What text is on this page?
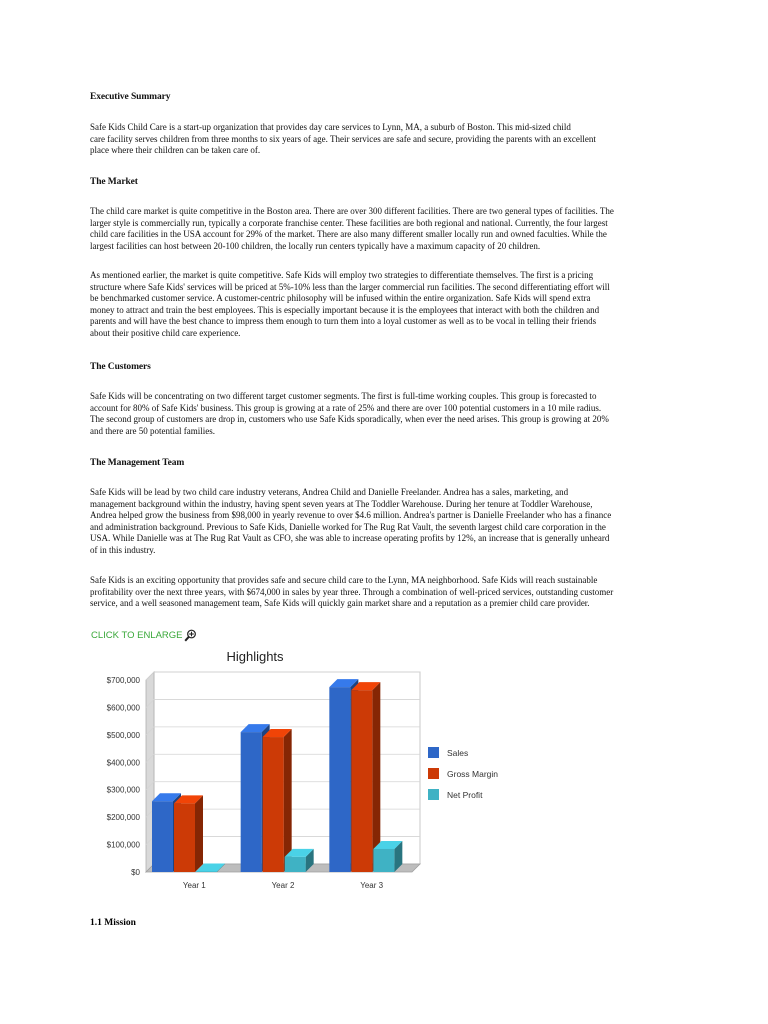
Executive Summary
Safe Kids Child Care is a start-up organization that provides day care services to Lynn, MA, a suburb of Boston. This mid-sized child
care facility serves children from three months to six years of age. Their services are safe and secure, providing the parents with an excellent
place where their children can be taken care of.
The Market
The child care market is quite competitive in the Boston area. There are over 300 different facilities. There are two general types of facilities. The
larger style is commercially run, typically a corporate franchise center. These facilities are both regional and national. Currently, the four largest
child care facilities in the USA account for 29% of the market. There are also many different smaller locally run and owned faculties. While the
largest facilities can host between 20-100 children, the locally run centers typically have a maximum capacity of 20 children.
As mentioned earlier, the market is quite competitive. Safe Kids will employ two strategies to differentiate themselves. The first is a pricing
structure where Safe Kids' services will be priced at 5%-10% less than the larger commercial run facilities. The second differentiating effort will
be benchmarked customer service. A customer-centric philosophy will be infused within the entire organization. Safe Kids will spend extra
money to attract and train the best employees. This is especially important because it is the employees that interact with both the children and
parents and will have the best chance to impress them enough to turn them into a loyal customer as well as to be vocal in telling their friends
about their positive child care experience.
The Customers
Safe Kids will be concentrating on two different target customer segments. The first is full-time working couples. This group is forecasted to
account for 80% of Safe Kids' business. This group is growing at a rate of 25% and there are over 100 potential customers in a 10 mile radius.
The second group of customers are drop in, customers who use Safe Kids sporadically, when ever the need arises. This group is growing at 20%
and there are 50 potential families.
The Management Team
Safe Kids will be lead by two child care industry veterans, Andrea Child and Danielle Freelander. Andrea has a sales, marketing, and
management background within the industry, having spent seven years at The Toddler Warehouse. During her tenure at Toddler Warehouse,
Andrea helped grow the business from $98,000 in yearly revenue to over $4.6 million. Andrea's partner is Danielle Freelander who has a finance
and administration background. Previous to Safe Kids, Danielle worked for The Rug Rat Vault, the seventh largest child care corporation in the
USA. While Danielle was at The Rug Rat Vault as CFO, she was able to increase operating profits by 12%, an increase that is generally unheard
of in this industry.
Safe Kids is an exciting opportunity that provides safe and secure child care to the Lynn, MA neighborhood. Safe Kids will reach sustainable
profitability over the next three years, with $674,000 in sales by year three. Through a combination of well-priced services, outstanding customer
service, and a well seasoned management team, Safe Kids will quickly gain market share and a reputation as a premier child care provider.
CLICK TO ENLARGE
Highlights
$0
$100,000
$200,000
$300,000
$400,000
$500,000
$600,000
$700,000
Year 1	Year 2	Year 3
Sales
Gross Margin
Net Profit
1.1 Mission
